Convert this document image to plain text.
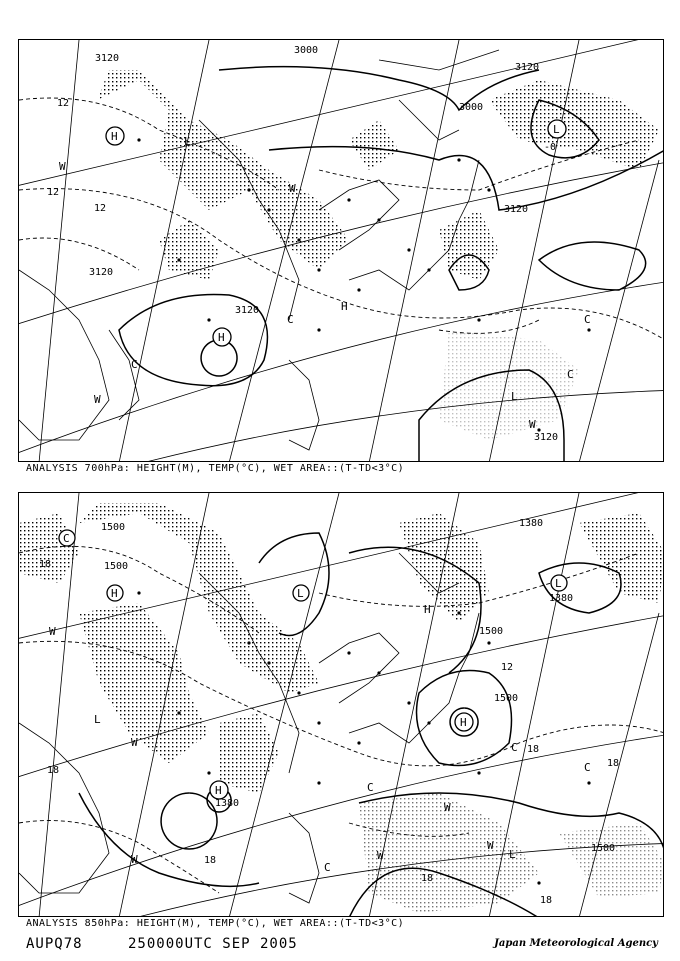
H
L
L
C
C
C
C
W
W
W
W
H
H
L
3000
3000
3120
3120
3120
3120
3120
3120
12
12
12
-0
ANALYSIS 700hPa: HEIGHT(M), TEMP(°C), WET AREA::(T-TD<3°C)
H
L
L
C
C
C
C
W
W
W
W
W
W
H	L
L
C
H
H
1500
1500
1380
1500
1500
1380
1500
1380
18
18
18
18
18
18
12
18
ANALYSIS 850hPa: HEIGHT(M), TEMP(°C), WET AREA::(T-TD<3°C)
AUPQ78	250000UTC SEP 2005	Japan Meteorological Agency
